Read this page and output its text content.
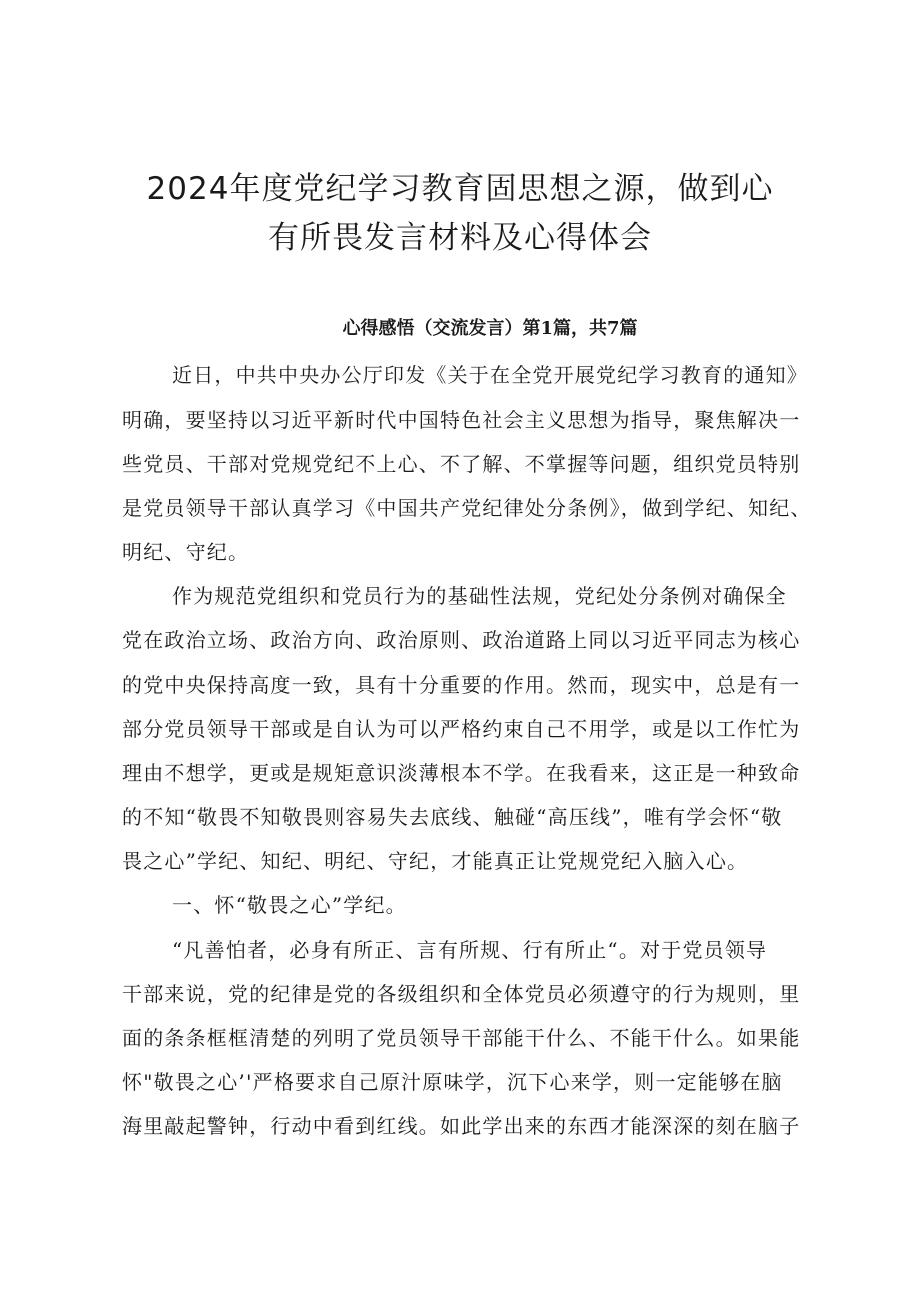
2024年度党纪学习教育固思想之源，做到心
有所畏发言材料及心得体会
心得感悟（交流发言）第1篇，共7篇
近日，中共中央办公厅印发《关于在全党开展党纪学习教育的通知》
明确，要坚持以习近平新时代中国特色社会主义思想为指导，聚焦解决一
些党员、干部对党规党纪不上心、不了解、不掌握等问题，组织党员特别
是党员领导干部认真学习《中国共产党纪律处分条例》，做到学纪、知纪、
明纪、守纪。
作为规范党组织和党员行为的基础性法规，党纪处分条例对确保全
党在政治立场、政治方向、政治原则、政治道路上同以习近平同志为核心
的党中央保持高度一致，具有十分重要的作用。然而，现实中，总是有一
部分党员领导干部或是自认为可以严格约束自己不用学，或是以工作忙为
理由不想学，更或是规矩意识淡薄根本不学。在我看来，这正是一种致命
的不知“敬畏不知敬畏则容易失去底线、触碰“高压线”，唯有学会怀“敬
畏之心”学纪、知纪、明纪、守纪，才能真正让党规党纪入脑入心。
一、怀“敬畏之心”学纪。
“凡善怕者，必身有所正、言有所规、行有所止“。对于党员领导
干部来说，党的纪律是党的各级组织和全体党员必须遵守的行为规则，里
面的条条框框清楚的列明了党员领导干部能干什么、不能干什么。如果能
怀"敬畏之心’'严格要求自己原汁原味学，沉下心来学，则一定能够在脑
海里敲起警钟，行动中看到红线。如此学出来的东西才能深深的刻在脑子
